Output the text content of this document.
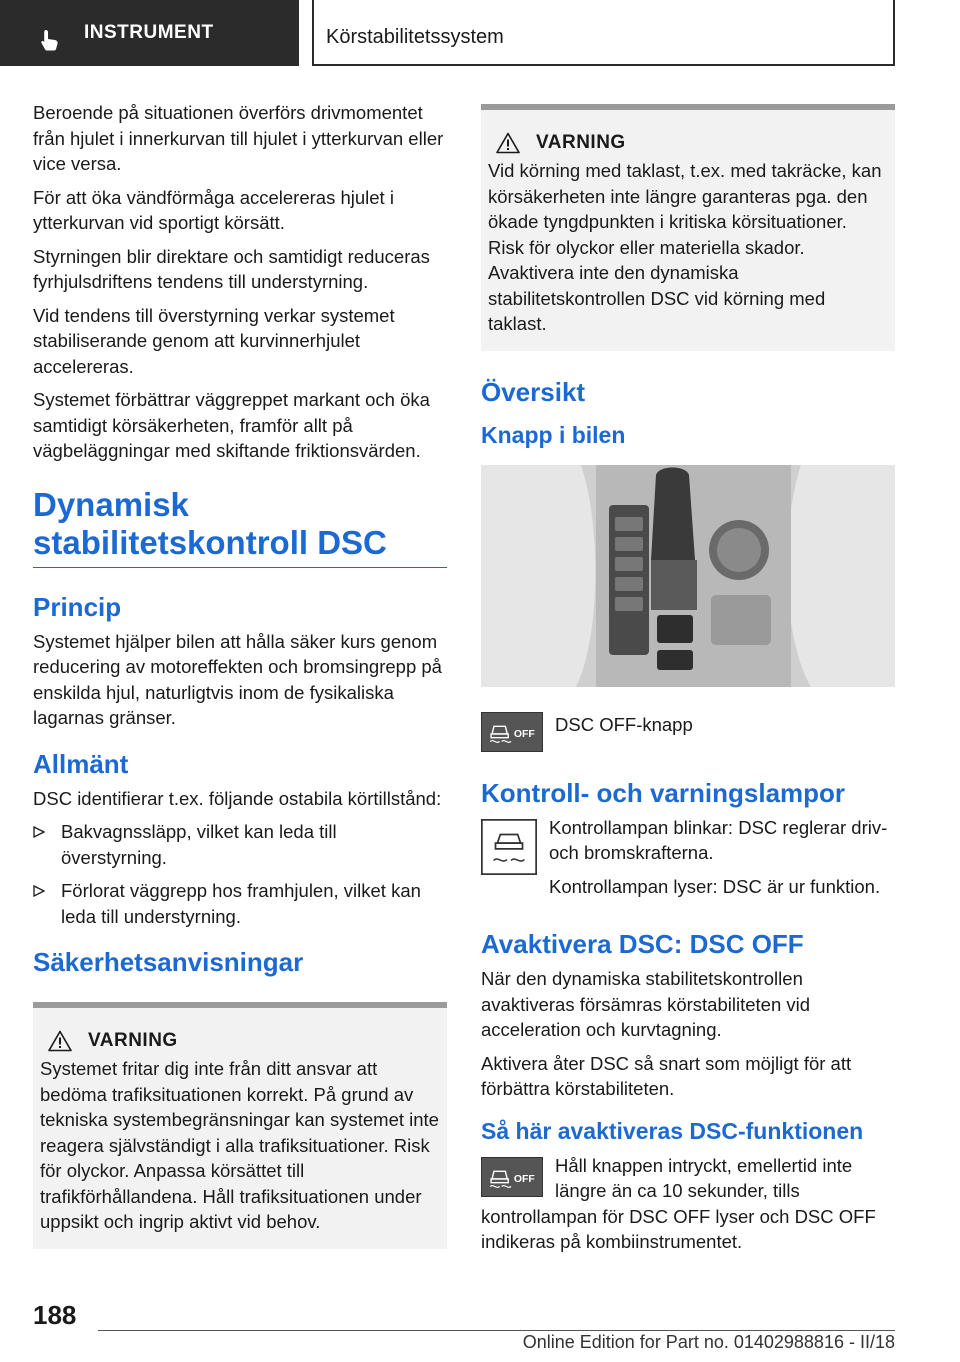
INSTRUMENT	Körstabilitetssystem

Beroende på situationen överförs drivmomentet från hjulet i innerkurvan till hjulet i ytterkurvan eller vice versa.

För att öka vändförmåga accelereras hjulet i ytterkurvan vid sportigt körsätt.

Styrningen blir direktare och samtidigt reduceras fyrhjulsdriftens tendens till understyrning.

Vid tendens till överstyrning verkar systemet stabiliserande genom att kurvinnerhjulet accelereras.

Systemet förbättrar väggreppet markant och öka samtidigt körsäkerheten, framför allt på vägbeläggningar med skiftande friktionsvärden.

Dynamisk stabilitetskontroll DSC
Princip

Systemet hjälper bilen att hålla säker kurs genom reducering av motoreffekten och bromsingrepp på enskilda hjul, naturligtvis inom de fysikaliska lagarnas gränser.

Allmänt

DSC identifierar t.ex. följande ostabila körtillstånd:

Bakvagnssläpp, vilket kan leda till överstyrning.
Förlorat väggrepp hos framhjulen, vilket kan leda till understyrning.
Säkerhetsanvisningar
VARNING

Systemet fritar dig inte från ditt ansvar att bedöma trafiksituationen korrekt. På grund av tekniska systembegränsningar kan systemet inte reagera självständigt i alla trafiksituationer. Risk för olyckor. Anpassa körsättet till trafikförhållandena. Håll trafiksituationen under uppsikt och ingrip aktivt vid behov.

VARNING

Vid körning med taklast, t.ex. med takräcke, kan körsäkerheten inte längre garanteras pga. den ökade tyngdpunkten i kritiska körsituationer. Risk för olyckor eller materiella skador. Avaktivera inte den dynamiska stabilitetskontrollen DSC vid körning med taklast.

Översikt
Knapp i bilen
OFF DSC OFF-knapp
Kontroll- och varningslampor

Kontrollampan blinkar: DSC reglerar driv- och bromskrafterna.

Kontrollampan lyser: DSC är ur funktion.

Avaktivera DSC: DSC OFF

När den dynamiska stabilitetskontrollen avaktiveras försämras körstabiliteten vid acceleration och kurvtagning.

Aktivera åter DSC så snart som möjligt för att förbättra körstabiliteten.

Så här avaktiveras DSC-funktionen
OFF

Håll knappen intryckt, emellertid inte längre än ca 10 sekunder, tills kontrollampan för DSC OFF lyser och DSC OFF indikeras på kombiinstrumentet.

188
Online Edition for Part no. 01402988816 - II/18
